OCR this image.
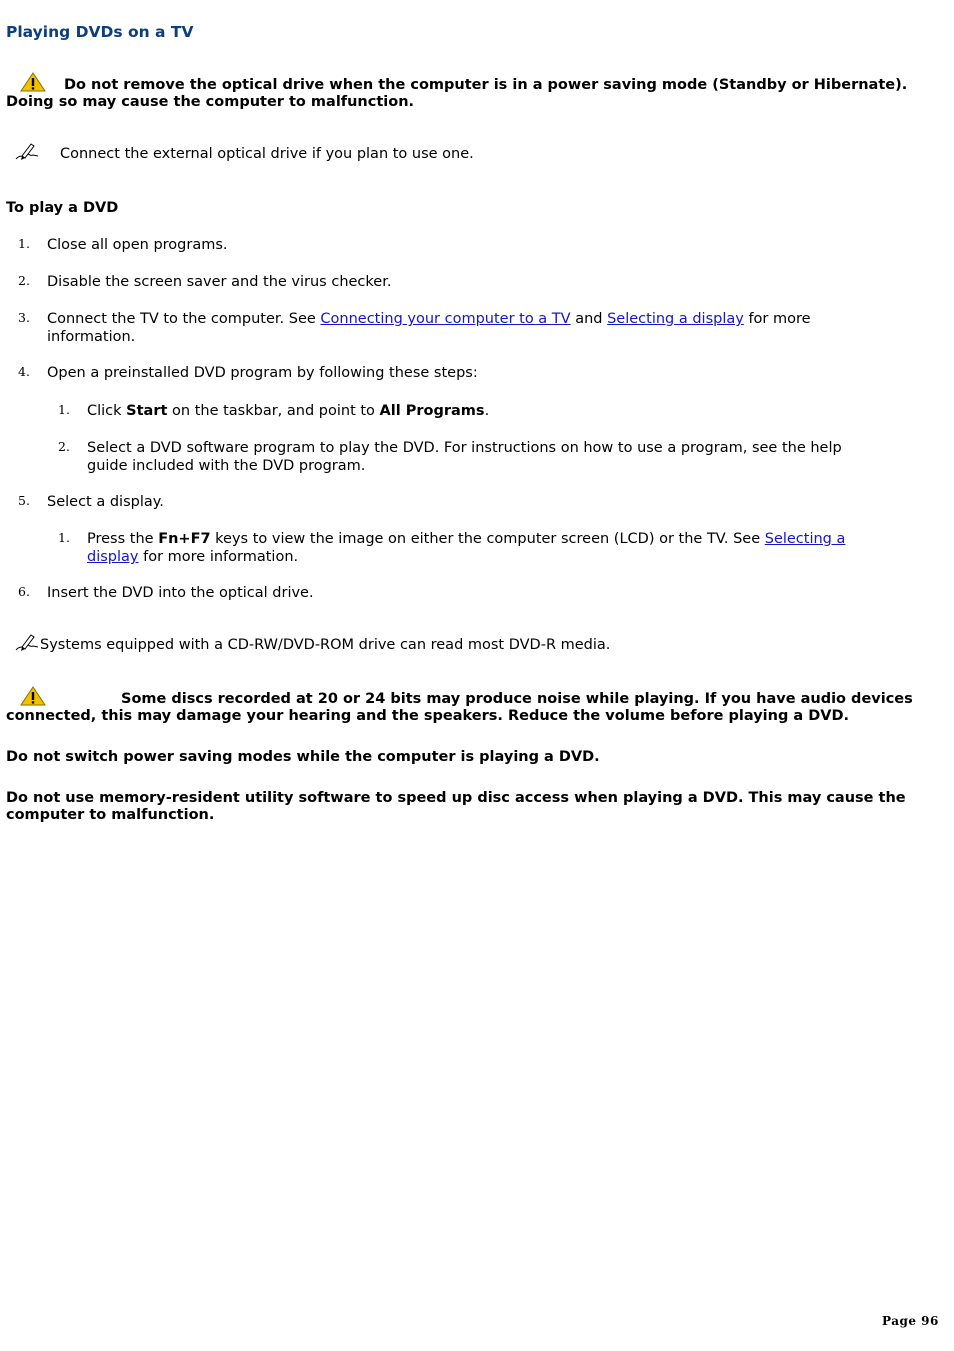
Playing DVDs on a TV
Do not remove the optical drive when the computer is in a power saving mode (Standby or Hibernate). Doing so may cause the computer to malfunction.
Connect the external optical drive if you plan to use one.
To play a DVD
1. Close all open programs.
2. Disable the screen saver and the virus checker.
3. Connect the TV to the computer. See Connecting your computer to a TV and Selecting a display for more information.
4. Open a preinstalled DVD program by following these steps:
1. Click Start on the taskbar, and point to All Programs.
2. Select a DVD software program to play the DVD. For instructions on how to use a program, see the help guide included with the DVD program.
5. Select a display.
1. Press the Fn+F7 keys to view the image on either the computer screen (LCD) or the TV. See Selecting a display for more information.
6. Insert the DVD into the optical drive.
Systems equipped with a CD-RW/DVD-ROM drive can read most DVD-R media.
Some discs recorded at 20 or 24 bits may produce noise while playing. If you have audio devices connected, this may damage your hearing and the speakers. Reduce the volume before playing a DVD.

Do not switch power saving modes while the computer is playing a DVD.

Do not use memory-resident utility software to speed up disc access when playing a DVD. This may cause the computer to malfunction.

Page 96
